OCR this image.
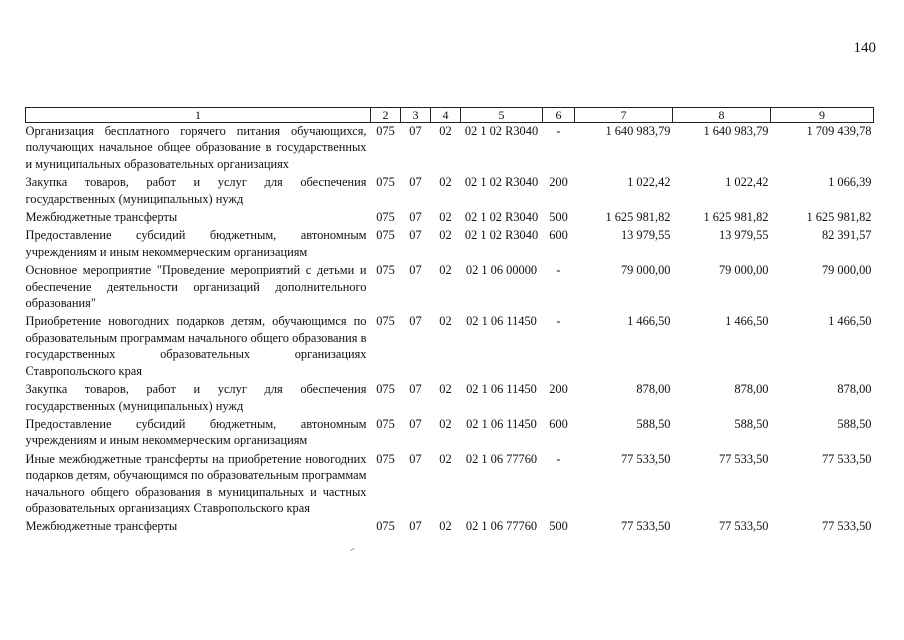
140
1	2	3	4	5	6	7	8	9
Организация бесплатного горячего питания обучающихся, получающих начальное общее образование в государственных и муниципальных образовательных организациях	075	07	02	02 1 02 R3040	-	1 640 983,79	1 640 983,79	1 709 439,78
Закупка товаров, работ и услуг для обеспечения государственных (муниципальных) нужд	075	07	02	02 1 02 R3040	200	1 022,42	1 022,42	1 066,39
Межбюджетные трансферты	075	07	02	02 1 02 R3040	500	1 625 981,82	1 625 981,82	1 625 981,82
Предоставление субсидий бюджетным, автономным учреждениям и иным некоммерческим организациям	075	07	02	02 1 02 R3040	600	13 979,55	13 979,55	82 391,57
Основное мероприятие "Проведение мероприятий с детьми и обеспечение деятельности организаций дополнительного образования"	075	07	02	02 1 06 00000	-	79 000,00	79 000,00	79 000,00
Приобретение новогодних подарков детям, обучающимся по образовательным программам начального общего образования в государственных образовательных организациях Ставропольского края	075	07	02	02 1 06 11450	-	1 466,50	1 466,50	1 466,50
Закупка товаров, работ и услуг для обеспечения государственных (муниципальных) нужд	075	07	02	02 1 06 11450	200	878,00	878,00	878,00
Предоставление субсидий бюджетным, автономным учреждениям и иным некоммерческим организациям	075	07	02	02 1 06 11450	600	588,50	588,50	588,50
Иные межбюджетные трансферты на приобретение новогодних подарков детям, обучающимся по образовательным программам начального общего образования в муниципальных и частных образовательных организациях Ставропольского края	075	07	02	02 1 06 77760	-	77 533,50	77 533,50	77 533,50
Межбюджетные трансферты	075	07	02	02 1 06 77760	500	77 533,50	77 533,50	77 533,50
